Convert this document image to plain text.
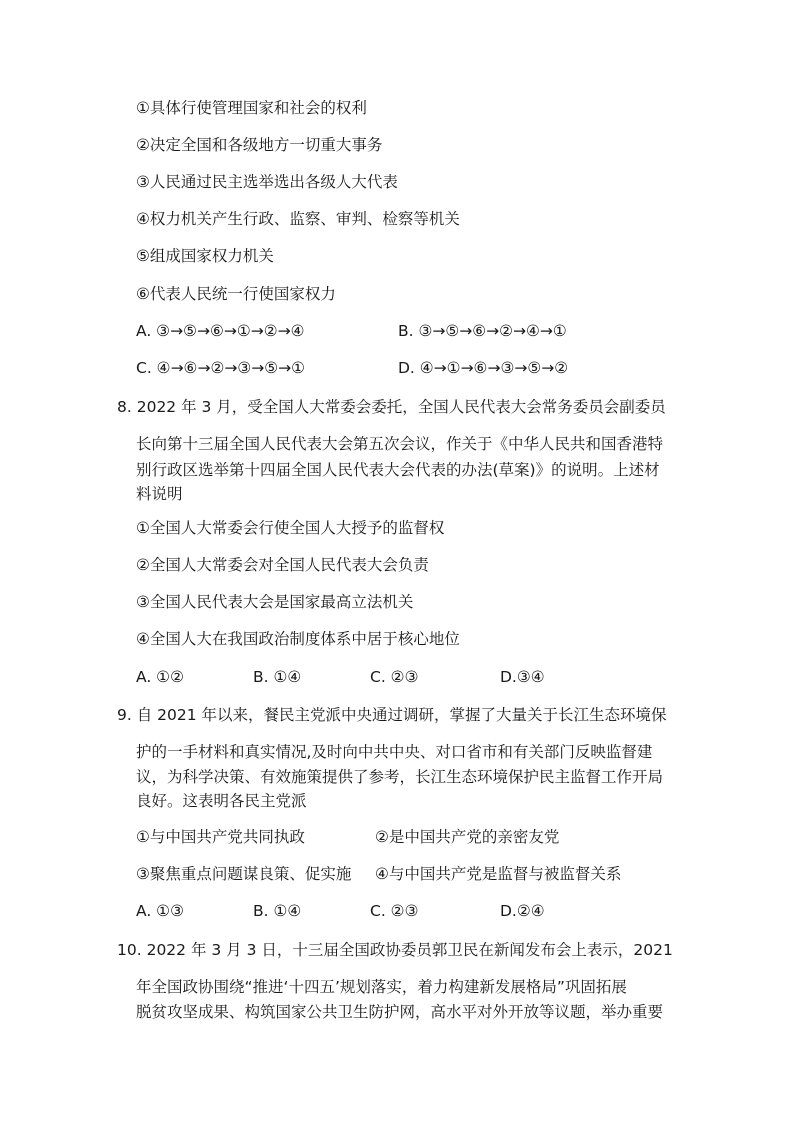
①具体行使管理国家和社会的权利
②决定全国和各级地方一切重大事务
③人民通过民主选举选出各级人大代表
④权力机关产生行政、监察、审判、检察等机关
⑤组成国家权力机关
⑥代表人民统一行使国家权力
A. ③→⑤→⑥→①→②→④	B. ③→⑤→⑥→②→④→①
C. ④→⑥→②→③→⑤→①	D. ④→①→⑥→③→⑤→②
8. 2022 年 3 月，受全国人大常委会委托，全国人民代表大会常务委员会副委员
长向第十三届全国人民代表大会第五次会议，作关于《中华人民共和国香港特
别行政区选举第十四届全国人民代表大会代表的办法(草案)》的说明。上述材
料说明
①全国人大常委会行使全国人大授予的监督权
②全国人大常委会对全国人民代表大会负责
③全国人民代表大会是国家最高立法机关
④全国人大在我国政治制度体系中居于核心地位
A. ①②	B. ①④	C. ②③	D.③④
9. 自 2021 年以来，餐民主党派中央通过调研，掌握了大量关于长江生态环境保
护的一手材料和真实情况,及时向中共中央、对口省市和有关部门反映监督建
议，为科学决策、有效施策提供了参考，长江生态环境保护民主监督工作开局
良好。这表明各民主党派
①与中国共产党共同执政	②是中国共产党的亲密友党
③聚焦重点问题谋良策、促实施 ④与中国共产党是监督与被监督关系
A. ①③	B. ①④	C. ②③	D.②④
10. 2022 年 3 月 3 日，十三届全国政协委员郭卫民在新闻发布会上表示，2021
年全国政协围绕“推进‘十四五’规划落实，着力构建新发展格局”巩固拓展
脱贫攻坚成果、构筑国家公共卫生防护网，高水平对外开放等议题，举办重要
